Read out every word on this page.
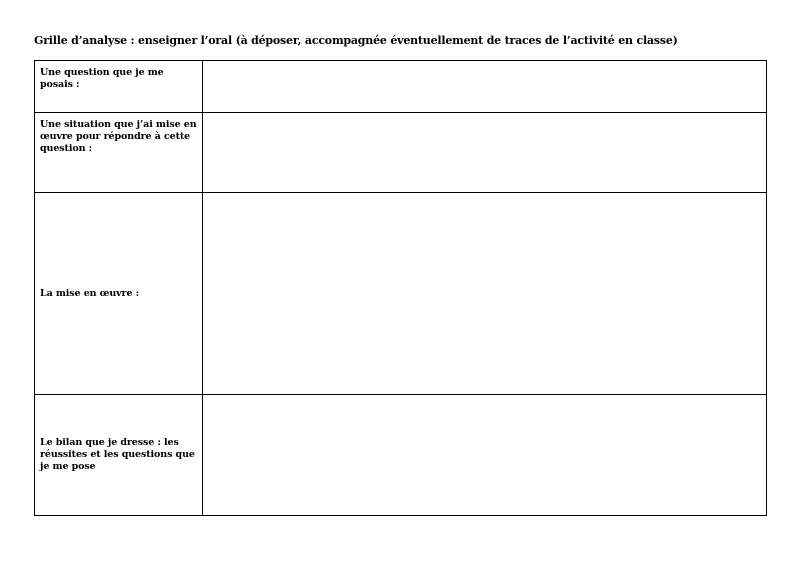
Grille d’analyse : enseigner l’oral (à déposer, accompagnée éventuellement de traces de l’activité en classe)
Une question que je me posais :	

Une situation que j’ai mise en œuvre pour répondre à cette question :	

La mise en œuvre :	

Le bilan que je dresse : les réussites et les questions que je me pose	
